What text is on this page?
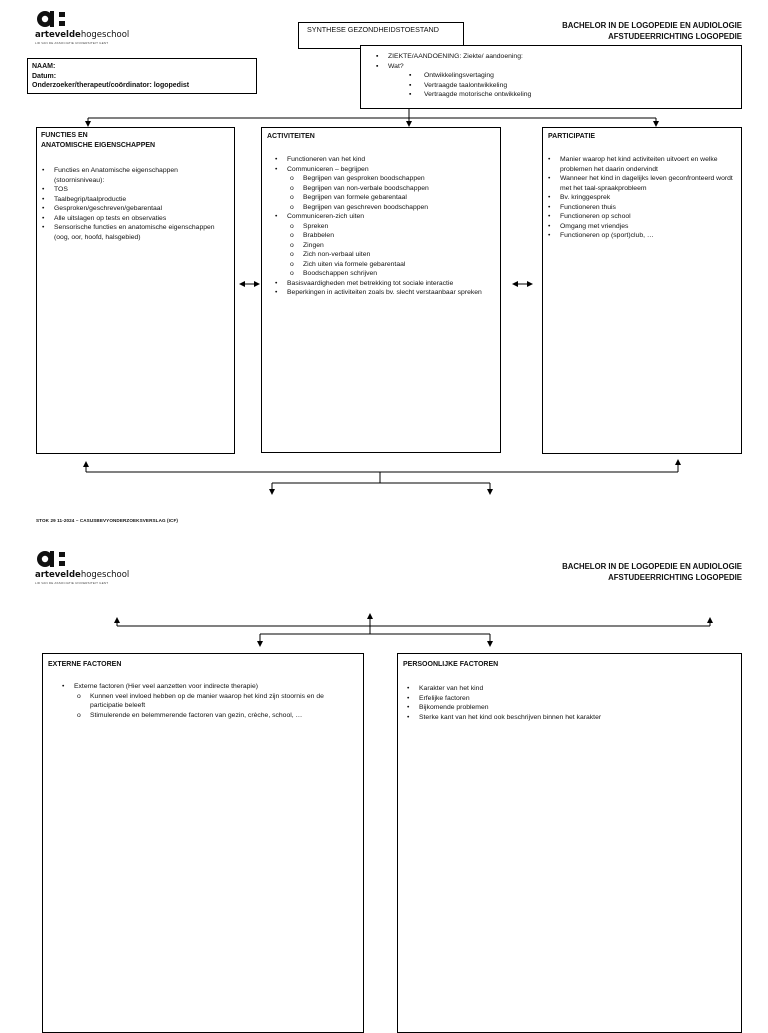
arteveldehogeschool
LID VAN DE ASSOCIATIE UNIVERSITEIT GENT
BACHELOR IN DE LOGOPEDIE EN AUDIOLOGIE
AFSTUDEERRICHTING LOGOPEDIE
SYNTHESE GEZONDHEIDSTOESTAND
NAAM:
Datum:
Onderzoeker/therapeut/coördinator: logopedist
▪ ZIEKTE/AANDOENING: Ziekte/ aandoening:
▪ Wat?
▪ Ontwikkelingsvertaging
▪ Vertraagde taalontwikkeling
▪ Vertraagde motorische ontwikkeling
FUNCTIES EN
ANATOMISCHE EIGENSCHAPPEN
• Functies en Anatomische eigenschappen (stoornisniveau):
• TOS
• Taalbegrip/taalproductie
• Gesproken/geschreven/gebarentaal
• Alle uitslagen op tests en observaties
• Sensorische functies en anatomische eigenschappen (oog, oor, hoofd, halsgebied)
ACTIVITEITEN
• Functioneren van het kind
• Communiceren – begrijpen
o Begrijpen van gesproken boodschappen
o Begrijpen van non-verbale boodschappen
o Begrijpen van formele gebarentaal
o Begrijpen van geschreven boodschappen
• Communiceren-zich uiten
o Spreken
o Brabbelen
o Zingen
o Zich non-verbaal uiten
o Zich uiten via formele gebarentaal
o Boodschappen schrijven
• Basisvaardigheden met betrekking tot sociale interactie
• Beperkingen in activiteiten zoals bv. slecht verstaanbaar spreken
PARTICIPATIE
• Manier waarop het kind activiteiten uitvoert en welke problemen het daarin ondervindt
• Wanneer het kind in dagelijks leven geconfronteerd wordt met het taal-spraakprobleem
• Bv. kringgesprek
• Functioneren thuis
• Functioneren op school
• Omgang met vriendjes
• Functioneren op (sport)club, …
STOK 29 11-2024 – CASUSBEVYONDERZOEKSVERSLAG (ICF)
arteveldehogeschool
LID VAN DE ASSOCIATIE UNIVERSITEIT GENT
BACHELOR IN DE LOGOPEDIE EN AUDIOLOGIE
AFSTUDEERRICHTING LOGOPEDIE
EXTERNE FACTOREN
• Externe factoren (Hier veel aanzetten voor indirecte therapie)
o Kunnen veel invloed hebben op de manier waarop het kind zijn stoornis en de participatie beleeft
o Stimulerende en belemmerende factoren van gezin, crèche, school, …
PERSOONLIJKE FACTOREN
• Karakter van het kind
• Erfelijke factoren
• Bijkomende problemen
• Sterke kant van het kind ook beschrijven binnen het karakter
